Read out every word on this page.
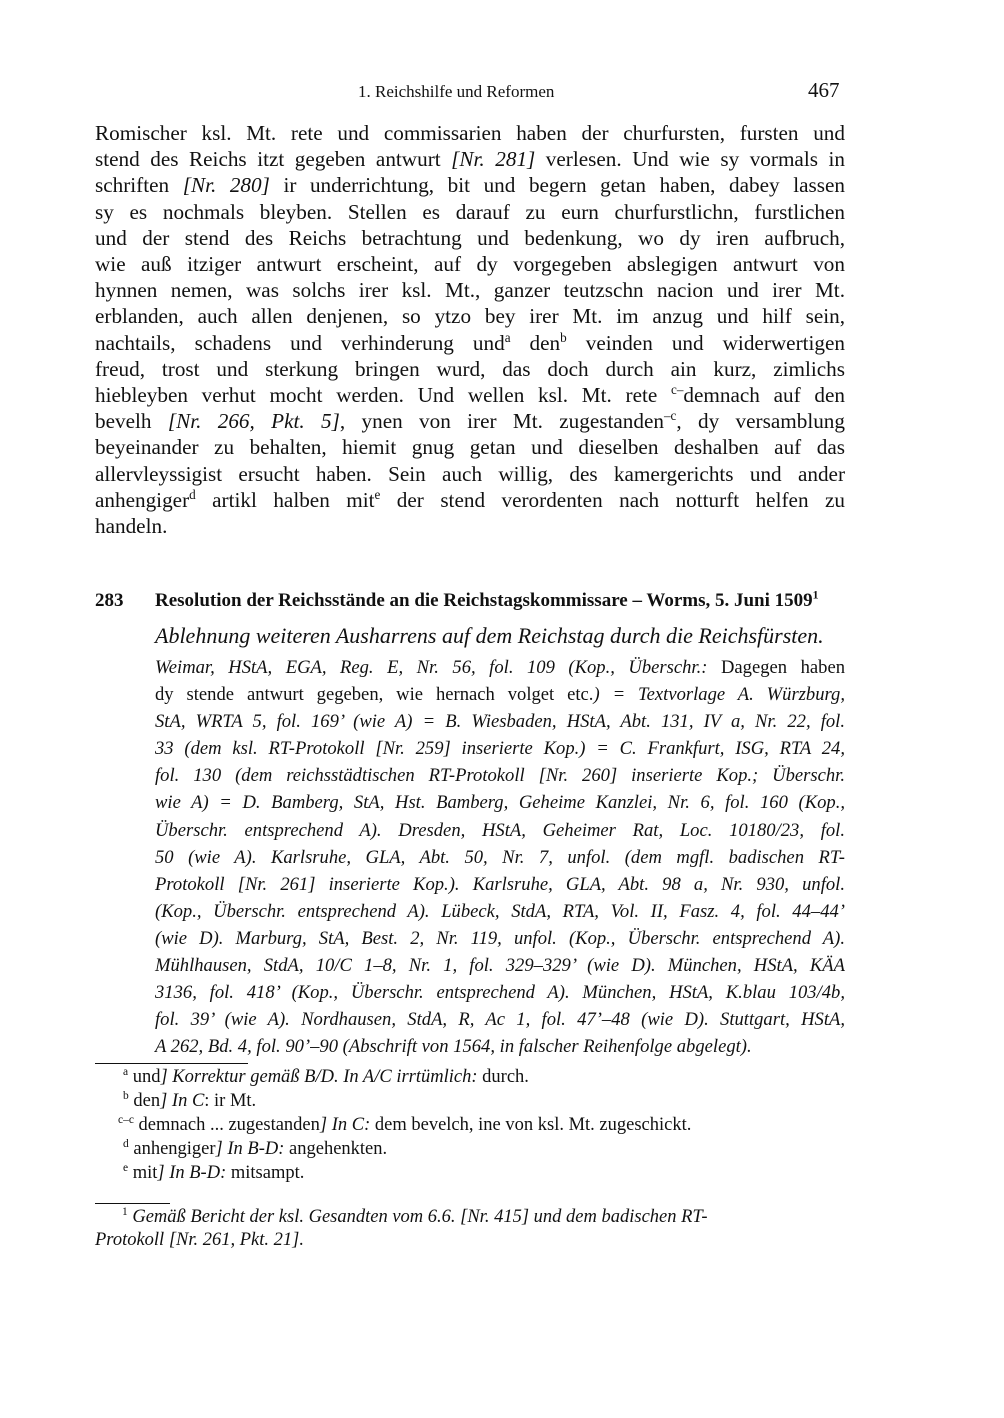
1. Reichshilfe und Reformen	467
Romischer ksl. Mt. rete und commissarien haben der churfursten, fursten und
stend des Reichs itzt gegeben antwurt [Nr. 281] verlesen. Und wie sy vormals in
schriften [Nr. 280] ir underrichtung, bit und begern getan haben, dabey lassen
sy es nochmals bleyben. Stellen es darauf zu eurn churfurstlichn, furstlichen
und der stend des Reichs betrachtung und bedenkung, wo dy iren aufbruch,
wie auß itziger antwurt erscheint, auf dy vorgegeben abslegigen antwurt von
hynnen nemen, was solchs irer ksl. Mt., ganzer teutzschn nacion und irer Mt.
erblanden, auch allen denjenen, so ytzo bey irer Mt. im anzug und hilf sein,
nachtails, schadens und verhinderung und$^a$ den$^b$ veinden und widerwertigen
freud, trost und sterkung bringen wurd, das doch durch ain kurz, zimlichs
hiebleyben verhut mocht werden. Und wellen ksl. Mt. rete $^{c-}$demnach auf den
bevelh [Nr. 266, Pkt. 5], ynen von irer Mt. zugestanden$^{-c}$, dy versamblung
beyeinander zu behalten, hiemit gnug getan und dieselben deshalben auf das
allervleyssigist ersucht haben. Sein auch willig, des kamergerichts und ander
anhengiger$^d$ artikl halben mit$^e$ der stend verordenten nach notturft helfen zu
handeln.
283 Resolution der Reichsstände an die Reichstagskommissare – Worms, 5. Juni 1509$^1$
Ablehnung weiteren Ausharrens auf dem Reichstag durch die Reichsfürsten.
Weimar, HStA, EGA, Reg. E, Nr. 56, fol. 109 (Kop., Überschr.: Dagegen haben
dy stende antwurt gegeben, wie hernach volget etc.) = Textvorlage A. Würzburg,
StA, WRTA 5, fol. 169’ (wie A) = B. Wiesbaden, HStA, Abt. 131, IV a, Nr. 22, fol.
33 (dem ksl. RT-Protokoll [Nr. 259] inserierte Kop.) = C. Frankfurt, ISG, RTA 24,
fol. 130 (dem reichsstädtischen RT-Protokoll [Nr. 260] inserierte Kop.; Überschr.
wie A) = D. Bamberg, StA, Hst. Bamberg, Geheime Kanzlei, Nr. 6, fol. 160 (Kop.,
Überschr. entsprechend A). Dresden, HStA, Geheimer Rat, Loc. 10180/23, fol.
50 (wie A). Karlsruhe, GLA, Abt. 50, Nr. 7, unfol. (dem mgfl. badischen RT-
Protokoll [Nr. 261] inserierte Kop.). Karlsruhe, GLA, Abt. 98 a, Nr. 930, unfol.
(Kop., Überschr. entsprechend A). Lübeck, StdA, RTA, Vol. II, Fasz. 4, fol. 44–44’
(wie D). Marburg, StA, Best. 2, Nr. 119, unfol. (Kop., Überschr. entsprechend A).
Mühlhausen, StdA, 10/C 1–8, Nr. 1, fol. 329–329’ (wie D). München, HStA, KÄA
3136, fol. 418’ (Kop., Überschr. entsprechend A). München, HStA, K.blau 103/4b,
fol. 39’ (wie A). Nordhausen, StdA, R, Ac 1, fol. 47’–48 (wie D). Stuttgart, HStA,
A 262, Bd. 4, fol. 90’–90 (Abschrift von 1564, in falscher Reihenfolge abgelegt).
$^a$ und] Korrektur gemäß B/D. In A/C irrtümlich: durch.
$^b$ den] In C: ir Mt.
$^{c-c}$ demnach ... zugestanden] In C: dem bevelch, ine von ksl. Mt. zugeschickt.
$^d$ anhengiger] In B-D: angehenkten.
$^e$ mit] In B-D: mitsampt.
$^1$ Gemäß Bericht der ksl. Gesandten vom 6.6. [Nr. 415] und dem badischen RT-
Protokoll [Nr. 261, Pkt. 21].
